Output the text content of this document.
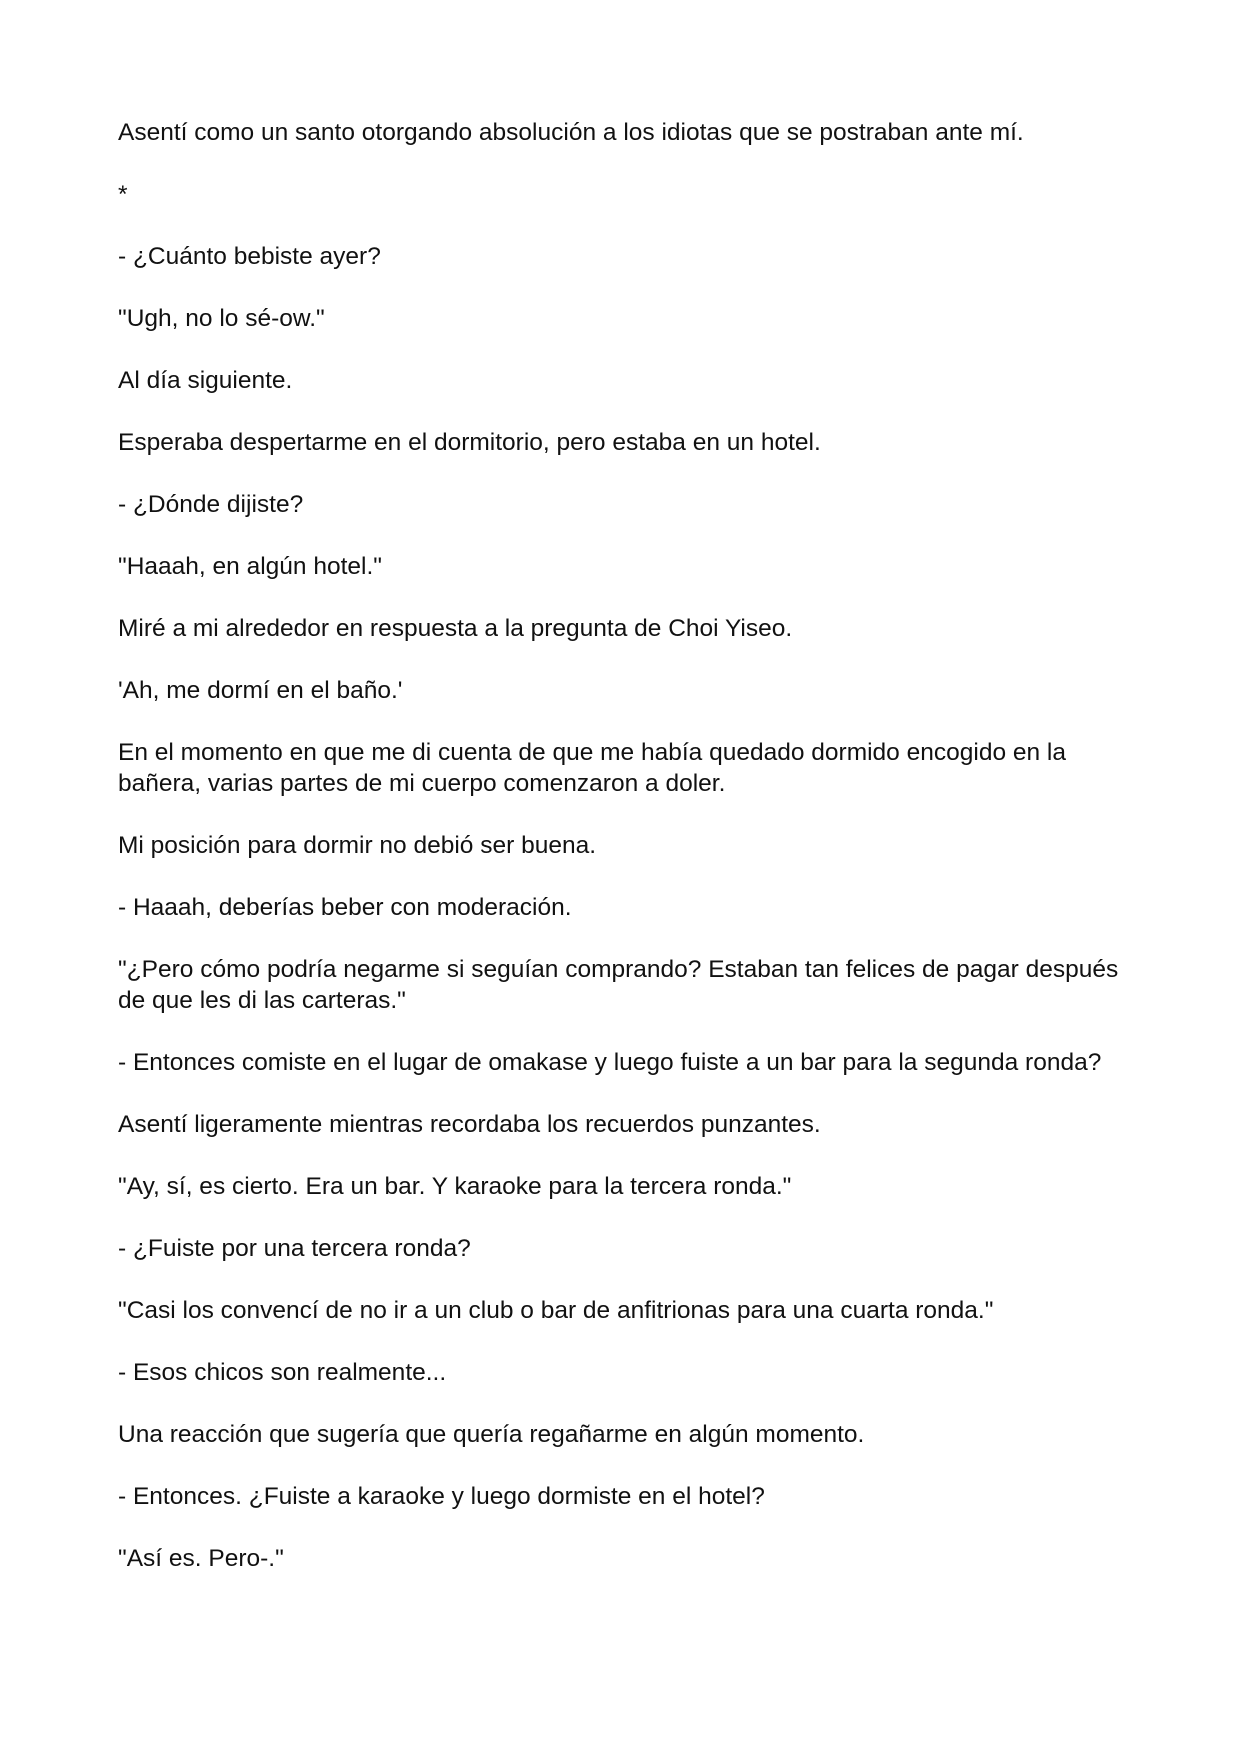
Asentí como un santo otorgando absolución a los idiotas que se postraban ante mí.

*

- ¿Cuánto bebiste ayer?

"Ugh, no lo sé-ow."

Al día siguiente.

Esperaba despertarme en el dormitorio, pero estaba en un hotel.

- ¿Dónde dijiste?

"Haaah, en algún hotel."

Miré a mi alrededor en respuesta a la pregunta de Choi Yiseo.

'Ah, me dormí en el baño.'

En el momento en que me di cuenta de que me había quedado dormido encogido en la bañera, varias partes de mi cuerpo comenzaron a doler.

Mi posición para dormir no debió ser buena.

- Haaah, deberías beber con moderación.

"¿Pero cómo podría negarme si seguían comprando? Estaban tan felices de pagar después de que les di las carteras."

- Entonces comiste en el lugar de omakase y luego fuiste a un bar para la segunda ronda?

Asentí ligeramente mientras recordaba los recuerdos punzantes.

"Ay, sí, es cierto. Era un bar. Y karaoke para la tercera ronda."

- ¿Fuiste por una tercera ronda?

"Casi los convencí de no ir a un club o bar de anfitrionas para una cuarta ronda."

- Esos chicos son realmente...

Una reacción que sugería que quería regañarme en algún momento.

- Entonces. ¿Fuiste a karaoke y luego dormiste en el hotel?

"Así es. Pero-."
